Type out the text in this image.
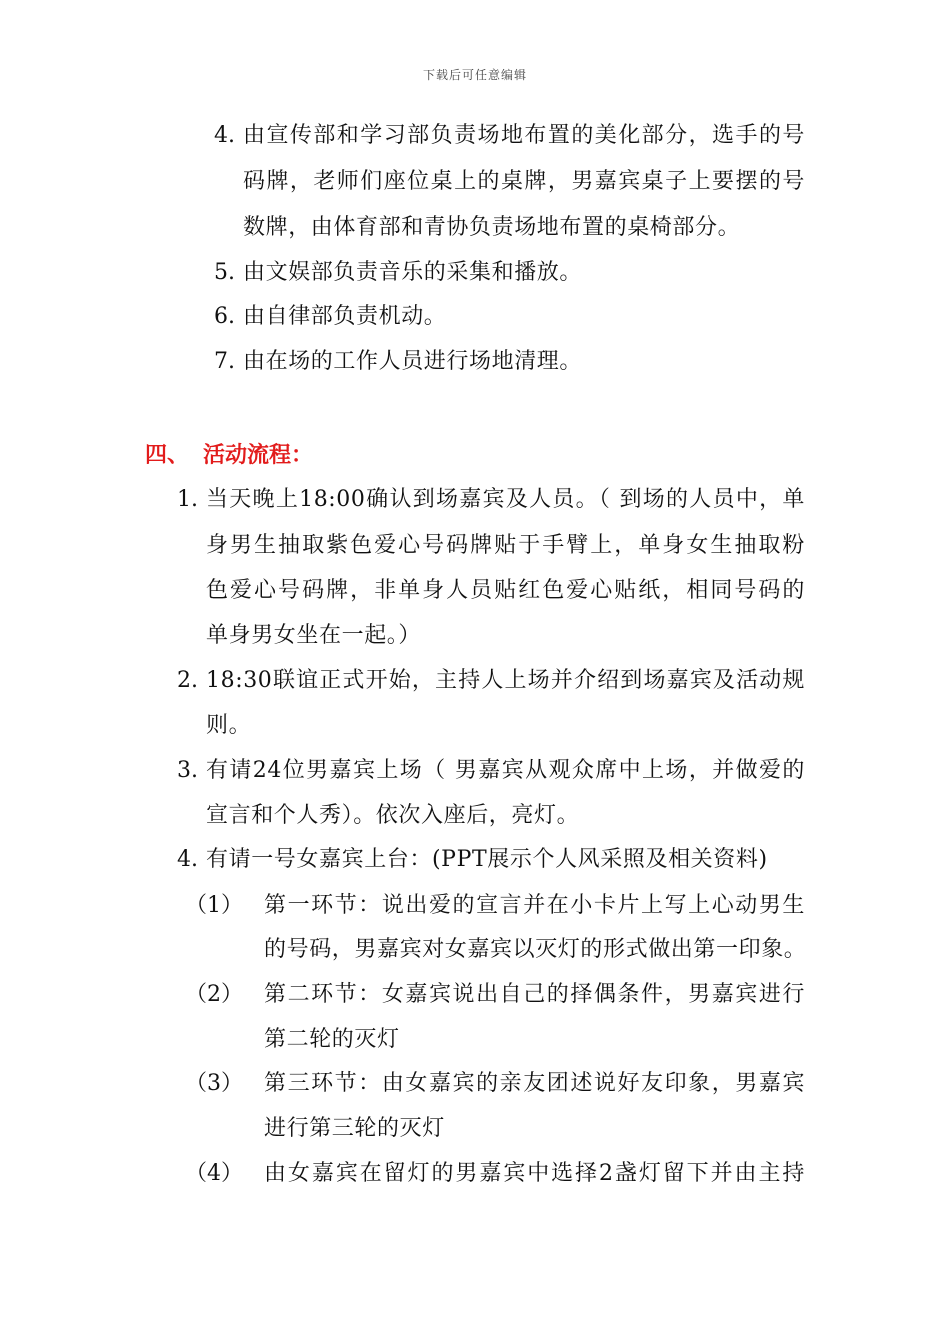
下载后可任意编辑
4. 由宣传部和学习部负责场地布置的美化部分，选手的号
码牌，老师们座位桌上的桌牌，男嘉宾桌子上要摆的号
数牌，由体育部和青协负责场地布置的桌椅部分。
5. 由文娱部负责音乐的采集和播放。
6. 由自律部负责机动。
7. 由在场的工作人员进行场地清理。
四、 活动流程：
1. 当天晚上18:00确认到场嘉宾及人员。（ 到场的人员中，单
身男生抽取紫色爱心号码牌贴于手臂上，单身女生抽取粉
色爱心号码牌，非单身人员贴红色爱心贴纸，相同号码的
单身男女坐在一起。）
2. 18:30联谊正式开始，主持人上场并介绍到场嘉宾及活动规
则。
3. 有请24位男嘉宾上场（ 男嘉宾从观众席中上场，并做爱的
宣言和个人秀）。依次入座后，亮灯。
4. 有请一号女嘉宾上台：(PPT展示个人风采照及相关资料)
（1） 第一环节：说出爱的宣言并在小卡片上写上心动男生
的号码，男嘉宾对女嘉宾以灭灯的形式做出第一印象。
（2） 第二环节：女嘉宾说出自己的择偶条件，男嘉宾进行
第二轮的灭灯
（3） 第三环节：由女嘉宾的亲友团述说好友印象，男嘉宾
进行第三轮的灭灯
（4） 由女嘉宾在留灯的男嘉宾中选择2盏灯留下并由主持
